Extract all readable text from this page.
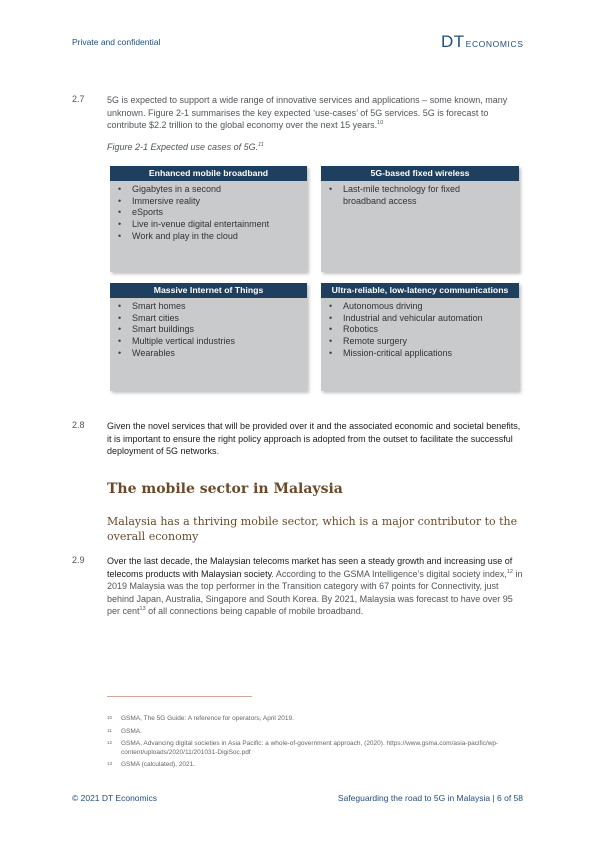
Private and confidential	DTECONOMICS
2.7 5G is expected to support a wide range of innovative services and applications – some known, many unknown. Figure 2-1 summarises the key expected ‘use-cases’ of 5G services. 5G is forecast to contribute $2.2 trillion to the global economy over the next 15 years.$^{10}$
Figure 2-1 Expected use cases of 5G.$^{11}$
Enhanced mobile broadband
• Gigabytes in a second
• Immersive reality
• eSports
• Live in-venue digital entertainment
• Work and play in the cloud
5G-based fixed wireless
• Last-mile technology for fixed broadband access
Massive Internet of Things
• Smart homes
• Smart cities
• Smart buildings
• Multiple vertical industries
• Wearables
Ultra-reliable, low-latency communications
• Autonomous driving
• Industrial and vehicular automation
• Robotics
• Remote surgery
• Mission-critical applications
2.8 Given the novel services that will be provided over it and the associated economic and societal benefits, it is important to ensure the right policy approach is adopted from the outset to facilitate the successful deployment of 5G networks.
The mobile sector in Malaysia
Malaysia has a thriving mobile sector, which is a major contributor to the overall economy
2.9 Over the last decade, the Malaysian telecoms market has seen a steady growth and increasing use of telecoms products with Malaysian society. According to the GSMA Intelligence’s digital society index,$^{12}$ in 2019 Malaysia was the top performer in the Transition category with 67 points for Connectivity, just behind Japan, Australia, Singapore and South Korea. By 2021, Malaysia was forecast to have over 95 per cent$^{13}$ of all connections being capable of mobile broadband.
10 GSMA, The 5G Guide: A reference for operators, April 2019.
11 GSMA.
12 GSMA, Advancing digital societies in Asia Pacific: a whole-of-government approach, (2020). https://www.gsma.com/asia-pacific/wp-content/uploads/2020/11/201031-DigiSoc.pdf
13 GSMA (calculated), 2021.
© 2021 DT Economics	Safeguarding the road to 5G in Malaysia | 6 of 58
